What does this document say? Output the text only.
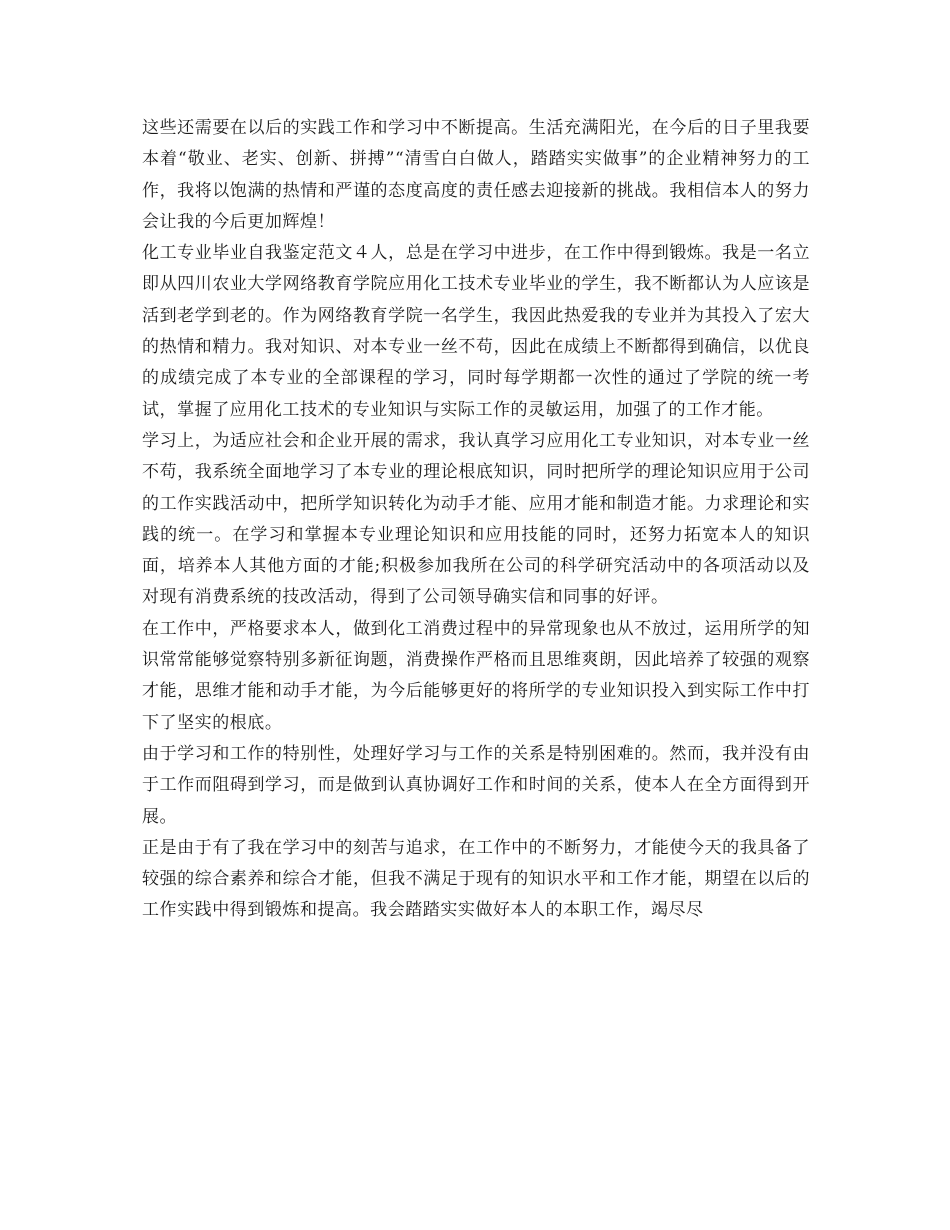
这些还需要在以后的实践工作和学习中不断提高。生活充满阳光，在今后的日子里我要本着“敬业、老实、创新、拼搏”“清雪白白做人，踏踏实实做事”的企业精神努力的工作，我将以饱满的热情和严谨的态度高度的责任感去迎接新的挑战。我相信本人的努力会让我的今后更加辉煌！

化工专业毕业自我鉴定范文４人，总是在学习中进步，在工作中得到锻炼。我是一名立即从四川农业大学网络教育学院应用化工技术专业毕业的学生，我不断都认为人应该是活到老学到老的。作为网络教育学院一名学生，我因此热爱我的专业并为其投入了宏大的热情和精力。我对知识、对本专业一丝不苟，因此在成绩上不断都得到确信，以优良的成绩完成了本专业的全部课程的学习，同时每学期都一次性的通过了学院的统一考试，掌握了应用化工技术的专业知识与实际工作的灵敏运用，加强了的工作才能。

学习上，为适应社会和企业开展的需求，我认真学习应用化工专业知识，对本专业一丝不苟，我系统全面地学习了本专业的理论根底知识，同时把所学的理论知识应用于公司的工作实践活动中，把所学知识转化为动手才能、应用才能和制造才能。力求理论和实践的统一。在学习和掌握本专业理论知识和应用技能的同时，还努力拓宽本人的知识面，培养本人其他方面的才能;积极参加我所在公司的科学研究活动中的各项活动以及对现有消费系统的技改活动，得到了公司领导确实信和同事的好评。

在工作中，严格要求本人，做到化工消费过程中的异常现象也从不放过，运用所学的知识常常能够觉察特别多新征询题，消费操作严格而且思维爽朗，因此培养了较强的观察才能，思维才能和动手才能，为今后能够更好的将所学的专业知识投入到实际工作中打下了坚实的根底。

由于学习和工作的特别性，处理好学习与工作的关系是特别困难的。然而，我并没有由于工作而阻碍到学习，而是做到认真协调好工作和时间的关系，使本人在全方面得到开展。

正是由于有了我在学习中的刻苦与追求，在工作中的不断努力，才能使今天的我具备了较强的综合素养和综合才能，但我不满足于现有的知识水平和工作才能，期望在以后的工作实践中得到锻炼和提高。我会踏踏实实做好本人的本职工作，竭尽尽
